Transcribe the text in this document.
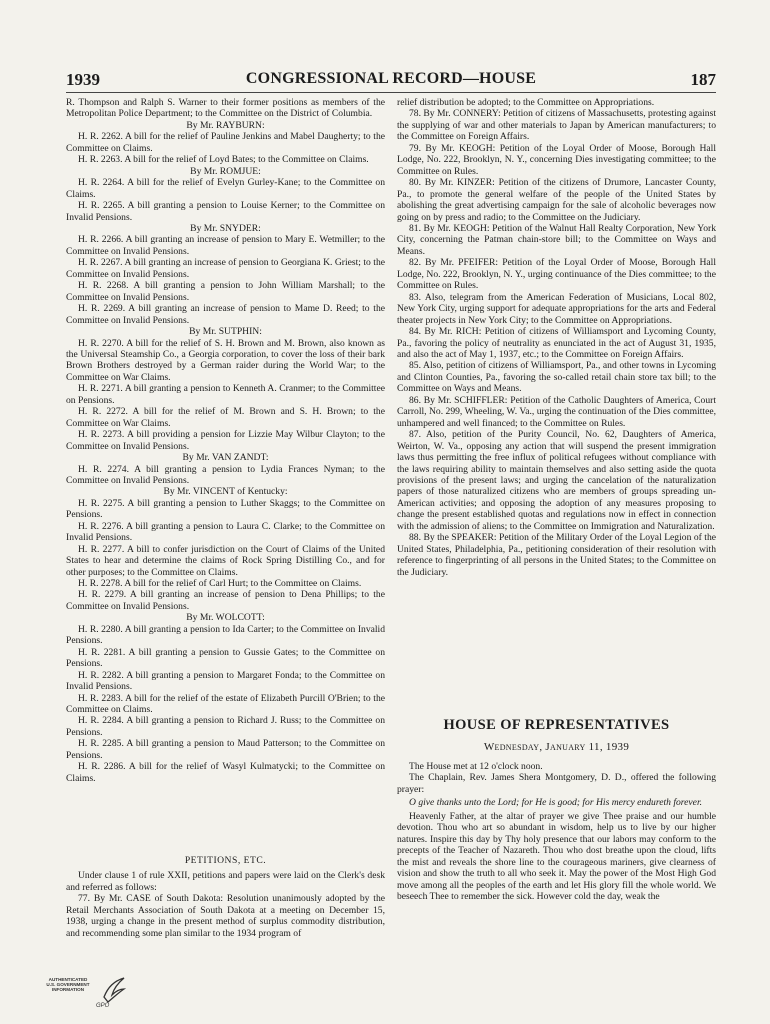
1939	CONGRESSIONAL RECORD—HOUSE	187

R. Thompson and Ralph S. Warner to their former positions as members of the Metropolitan Police Department; to the Committee on the District of Columbia.

By Mr. RAYBURN:

H. R. 2262. A bill for the relief of Pauline Jenkins and Mabel Daugherty; to the Committee on Claims.

H. R. 2263. A bill for the relief of Loyd Bates; to the Committee on Claims.

By Mr. ROMJUE:

H. R. 2264. A bill for the relief of Evelyn Gurley-Kane; to the Committee on Claims.

H. R. 2265. A bill granting a pension to Louise Kerner; to the Committee on Invalid Pensions.

By Mr. SNYDER:

H. R. 2266. A bill granting an increase of pension to Mary E. Wetmiller; to the Committee on Invalid Pensions.

H. R. 2267. A bill granting an increase of pension to Georgiana K. Griest; to the Committee on Invalid Pensions.

H. R. 2268. A bill granting a pension to John William Marshall; to the Committee on Invalid Pensions.

H. R. 2269. A bill granting an increase of pension to Mame D. Reed; to the Committee on Invalid Pensions.

By Mr. SUTPHIN:

H. R. 2270. A bill for the relief of S. H. Brown and M. Brown, also known as the Universal Steamship Co., a Georgia corporation, to cover the loss of their bark Brown Brothers destroyed by a German raider during the World War; to the Committee on War Claims.

H. R. 2271. A bill granting a pension to Kenneth A. Cranmer; to the Committee on Pensions.

H. R. 2272. A bill for the relief of M. Brown and S. H. Brown; to the Committee on War Claims.

H. R. 2273. A bill providing a pension for Lizzie May Wilbur Clayton; to the Committee on Invalid Pensions.

By Mr. VAN ZANDT:

H. R. 2274. A bill granting a pension to Lydia Frances Nyman; to the Committee on Invalid Pensions.

By Mr. VINCENT of Kentucky:

H. R. 2275. A bill granting a pension to Luther Skaggs; to the Committee on Pensions.

H. R. 2276. A bill granting a pension to Laura C. Clarke; to the Committee on Invalid Pensions.

H. R. 2277. A bill to confer jurisdiction on the Court of Claims of the United States to hear and determine the claims of Rock Spring Distilling Co., and for other purposes; to the Committee on Claims.

H. R. 2278. A bill for the relief of Carl Hurt; to the Committee on Claims.

H. R. 2279. A bill granting an increase of pension to Dena Phillips; to the Committee on Invalid Pensions.

By Mr. WOLCOTT:

H. R. 2280. A bill granting a pension to Ida Carter; to the Committee on Invalid Pensions.

H. R. 2281. A bill granting a pension to Gussie Gates; to the Committee on Pensions.

H. R. 2282. A bill granting a pension to Margaret Fonda; to the Committee on Invalid Pensions.

H. R. 2283. A bill for the relief of the estate of Elizabeth Purcill O'Brien; to the Committee on Claims.

H. R. 2284. A bill granting a pension to Richard J. Russ; to the Committee on Pensions.

H. R. 2285. A bill granting a pension to Maud Patterson; to the Committee on Pensions.

H. R. 2286. A bill for the relief of Wasyl Kulmatycki; to the Committee on Claims.

PETITIONS, ETC.

Under clause 1 of rule XXII, petitions and papers were laid on the Clerk's desk and referred as follows:

77. By Mr. CASE of South Dakota: Resolution unanimously adopted by the Retail Merchants Association of South Dakota at a meeting on December 15, 1938, urging a change in the present method of surplus commodity distribution, and recommending some plan similar to the 1934 program of

relief distribution be adopted; to the Committee on Appropriations.

78. By Mr. CONNERY: Petition of citizens of Massachusetts, protesting against the supplying of war and other materials to Japan by American manufacturers; to the Committee on Foreign Affairs.

79. By Mr. KEOGH: Petition of the Loyal Order of Moose, Borough Hall Lodge, No. 222, Brooklyn, N. Y., concerning Dies investigating committee; to the Committee on Rules.

80. By Mr. KINZER: Petition of the citizens of Drumore, Lancaster County, Pa., to promote the general welfare of the people of the United States by abolishing the great advertising campaign for the sale of alcoholic beverages now going on by press and radio; to the Committee on the Judiciary.

81. By Mr. KEOGH: Petition of the Walnut Hall Realty Corporation, New York City, concerning the Patman chain-store bill; to the Committee on Ways and Means.

82. By Mr. PFEIFER: Petition of the Loyal Order of Moose, Borough Hall Lodge, No. 222, Brooklyn, N. Y., urging continuance of the Dies committee; to the Committee on Rules.

83. Also, telegram from the American Federation of Musicians, Local 802, New York City, urging support for adequate appropriations for the arts and Federal theater projects in New York City; to the Committee on Appropriations.

84. By Mr. RICH: Petition of citizens of Williamsport and Lycoming County, Pa., favoring the policy of neutrality as enunciated in the act of August 31, 1935, and also the act of May 1, 1937, etc.; to the Committee on Foreign Affairs.

85. Also, petition of citizens of Williamsport, Pa., and other towns in Lycoming and Clinton Counties, Pa., favoring the so-called retail chain store tax bill; to the Committee on Ways and Means.

86. By Mr. SCHIFFLER: Petition of the Catholic Daughters of America, Court Carroll, No. 299, Wheeling, W. Va., urging the continuation of the Dies committee, unhampered and well financed; to the Committee on Rules.

87. Also, petition of the Purity Council, No. 62, Daughters of America, Weirton, W. Va., opposing any action that will suspend the present immigration laws thus permitting the free influx of political refugees without compliance with the laws requiring ability to maintain themselves and also setting aside the quota provisions of the present laws; and urging the cancelation of the naturalization papers of those naturalized citizens who are members of groups spreading un-American activities; and opposing the adoption of any measures proposing to change the present established quotas and regulations now in effect in connection with the admission of aliens; to the Committee on Immigration and Naturalization.

88. By the SPEAKER: Petition of the Military Order of the Loyal Legion of the United States, Philadelphia, Pa., petitioning consideration of their resolution with reference to fingerprinting of all persons in the United States; to the Committee on the Judiciary.

HOUSE OF REPRESENTATIVES
Wednesday, January 11, 1939

The House met at 12 o'clock noon.

The Chaplain, Rev. James Shera Montgomery, D. D., offered the following prayer:

O give thanks unto the Lord; for He is good; for His mercy endureth forever.

Heavenly Father, at the altar of prayer we give Thee praise and our humble devotion. Thou who art so abundant in wisdom, help us to live by our higher natures. Inspire this day by Thy holy presence that our labors may conform to the precepts of the Teacher of Nazareth. Thou who dost breathe upon the cloud, lifts the mist and reveals the shore line to the courageous mariners, give clearness of vision and show the truth to all who seek it. May the power of the Most High God move among all the peoples of the earth and let His glory fill the whole world. We beseech Thee to remember the sick. However cold the day, weak the

AUTHENTICATED
U.S. GOVERNMENT
INFORMATION
GPO
